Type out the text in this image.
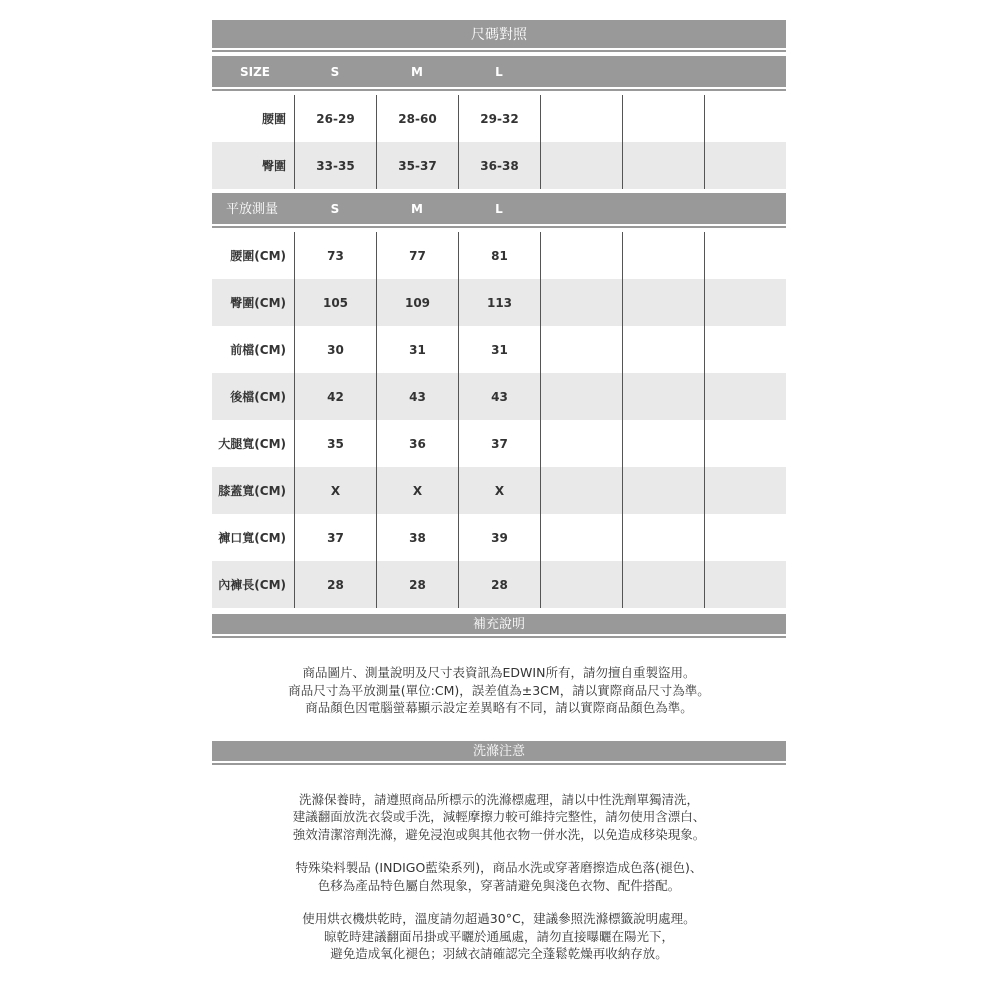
尺碼對照
SIZE	S	M	L
腰圍	26-29	28-60	29-32
臀圍	33-35	35-37	36-38
平放測量	S	M	L
腰圍(CM)	73	77	81
臀圍(CM)	105	109	113
前檔(CM)	30	31	31
後檔(CM)	42	43	43
大腿寬(CM)	35	36	37
膝蓋寬(CM)	X	X	X
褲口寬(CM)	37	38	39
內褲長(CM)	28	28	28
補充說明
商品圖片、測量說明及尺寸表資訊為EDWIN所有，請勿擅自重製盜用。
商品尺寸為平放測量(單位:CM)，誤差值為±3CM，請以實際商品尺寸為準。
商品顏色因電腦螢幕顯示設定差異略有不同，請以實際商品顏色為準。
洗滌注意
洗滌保養時，請遵照商品所標示的洗滌標處理，請以中性洗劑單獨清洗，
建議翻面放洗衣袋或手洗，減輕摩擦力較可維持完整性，請勿使用含漂白、
強效清潔溶劑洗滌，避免浸泡或與其他衣物一併水洗，以免造成移染現象。
特殊染料製品 (INDIGO藍染系列)，商品水洗或穿著磨擦造成色落(褪色)、
色移為產品特色屬自然現象，穿著請避免與淺色衣物、配件搭配。
使用烘衣機烘乾時，溫度請勿超過30°C，建議參照洗滌標籤說明處理。
晾乾時建議翻面吊掛或平曬於通風處，請勿直接曝曬在陽光下，
避免造成氧化褪色；羽絨衣請確認完全蓬鬆乾燥再收納存放。
